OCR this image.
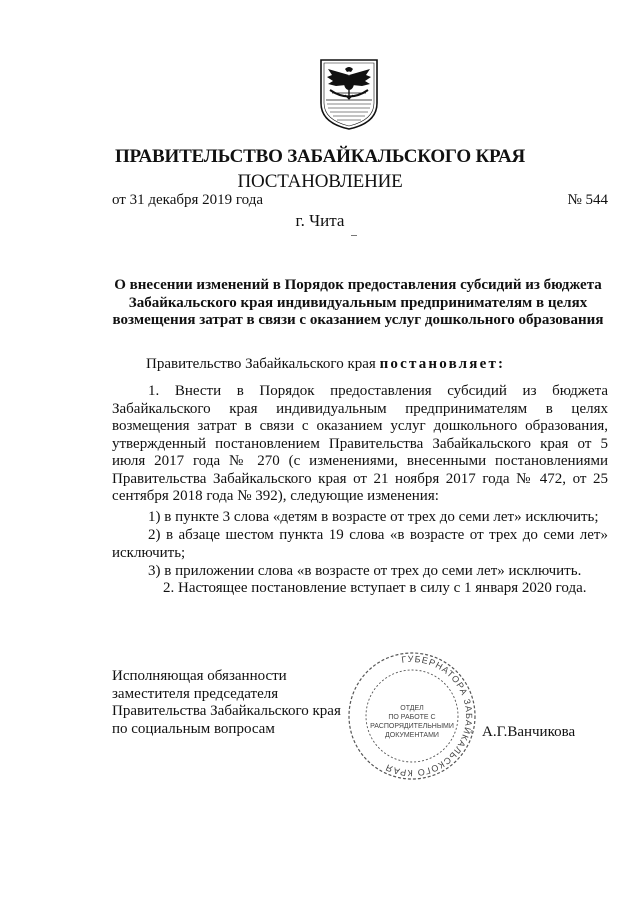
ПРАВИТЕЛЬСТВО ЗАБАЙКАЛЬСКОГО КРАЯ
ПОСТАНОВЛЕНИЕ
от 31 декабря 2019 года	№ 544
г. Чита
О внесении изменений в Порядок предоставления субсидий из бюджета
Забайкальского края индивидуальным предпринимателям в целях
возмещения затрат в связи с оказанием услуг дошкольного образования
Правительство Забайкальского края постановляет:
1. Внести в Порядок предоставления субсидий из бюджета Забайкальского края индивидуальным предпринимателям в целях возмещения затрат в связи с оказанием услуг дошкольного образования, утвержденный постановлением Правительства Забайкальского края от 5 июля 2017 года № 270 (с изменениями, внесенными постановлениями Правительства Забайкальского края от 21 ноября 2017 года № 472, от 25 сентября 2018 года № 392), следующие изменения:
1) в пункте 3 слова «детям в возрасте от трех до семи лет» исключить;
2) в абзаце шестом пункта 19 слова «в возрасте от трех до семи лет» исключить;
3) в приложении слова «в возрасте от трех до семи лет» исключить.
2. Настоящее постановление вступает в силу с 1 января 2020 года.
Исполняющая обязанности
заместителя председателя
Правительства Забайкальского края
по социальным вопросам	А.Г.Ванчикова
ГУБЕРНАТОРА ЗАБАЙКАЛЬСКОГО КРАЯ
ОТДЕЛ
ПО РАБОТЕ С
РАСПОРЯДИТЕЛЬНЫМИ
ДОКУМЕНТАМИ
